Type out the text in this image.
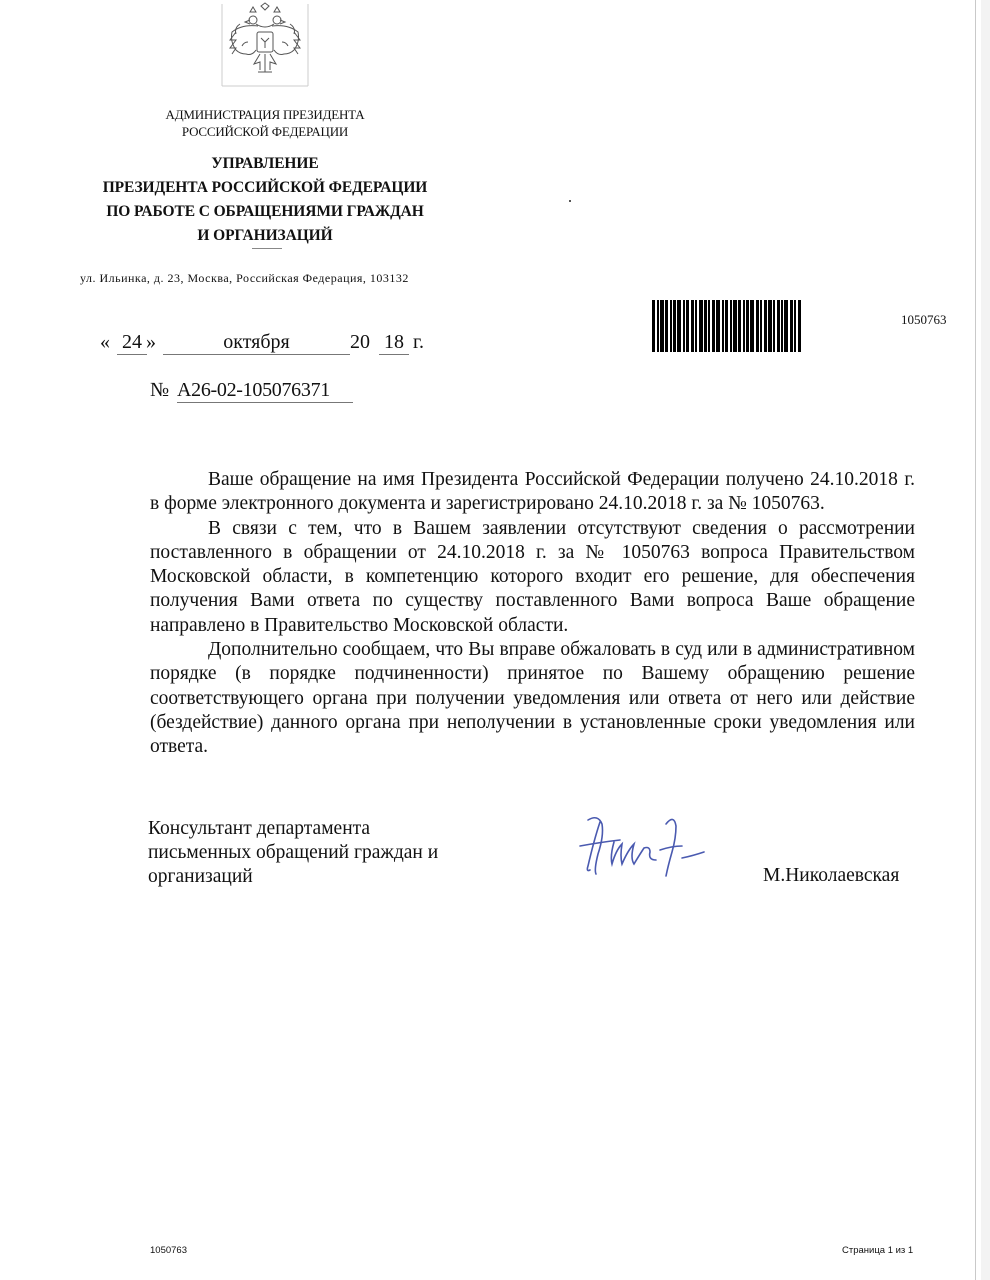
АДМИНИСТРАЦИЯ ПРЕЗИДЕНТА
РОССИЙСКОЙ ФЕДЕРАЦИИ
УПРАВЛЕНИЕ
ПРЕЗИДЕНТА РОССИЙСКОЙ ФЕДЕРАЦИИ
ПО РАБОТЕ С ОБРАЩЕНИЯМИ ГРАЖДАН
И ОРГАНИЗАЦИЙ
ул. Ильинка, д. 23, Москва, Российская Федерация, 103132
1050763
« 24 »	октября	20 18 г.
№ А26-02-105076371

Ваше обращение на имя Президента Российской Федерации получено 24.10.2018 г. в форме электронного документа и зарегистрировано 24.10.2018 г. за № 1050763.

В связи с тем, что в Вашем заявлении отсутствуют сведения о рассмотрении поставленного в обращении от 24.10.2018 г. за № 1050763 вопроса Правительством Московской области, в компетенцию которого входит его решение, для обеспечения получения Вами ответа по существу поставленного Вами вопроса Ваше обращение направлено в Правительство Московской области.

Дополнительно сообщаем, что Вы вправе обжаловать в суд или в административном порядке (в порядке подчиненности) принятое по Вашему обращению решение соответствующего органа при получении уведомления или ответа от него или действие (бездействие) данного органа при неполучении в установленные сроки уведомления или ответа.

Консультант департамента
письменных обращений граждан и
организаций	М.Николаевская
1050763	Страница 1 из 1
